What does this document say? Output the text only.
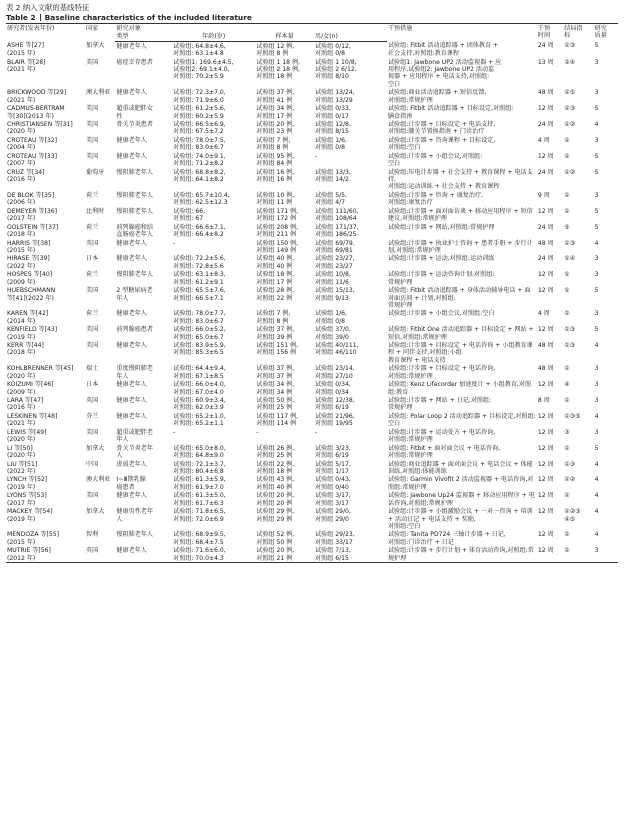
表 2 纳入文献的基线特征
Table 2 Baseline characteristics of the included literature
研究者(发表年份)	国家	研究对象				干预措施	干预
时间	结局指
标	研究
质量
		类型	年龄(岁)	样本量	男/女(n)				
ASHE 等[27]
(2015 年)	加拿大	健康老年人	试验组: 64.8±4.6,
对照组: 63.1±4.8	试验组 12 例,
对照组 8 例	试验组 0/12,
对照组 0/8	试验组: Fitbit 活动追踪器 + 团体教育 +
社会支持,对照组:教育课程	24 周	①③	5
BLAIR 等[28]
(2021 年)	美国	癌症幸存患者	试验组1: 169.6±4.5,
试验组2: 69.1±4.0,
对照组: 70.2±5.9	试验组 1 18 例,
试验组 2 18 例,
对照组 18 例	试验组 1 10/8,
试验组 2 6/12,
对照组 8/10	试验组1: Jawbone UP2 活动监视器 + 应
用程序,试验组2: Jawbone UP2 活动监
视器 + 应用程序 + 电话支持,对照组:
空白	13 周	②④	3
BRICKWOOD 等[29]
(2021 年)	澳大利亚	健康老年人	试验组: 72.3±7.0,
对照组: 71.9±6.0	试验组 37 例,
对照组 41 例	试验组 13/24,
对照组 13/29	试验组:商业活动追踪器 + 短信反馈,
对照组:常规护理	48 周	①⑤	3
CADMUS-BERTRAM
等[30](2013 年)	美国	超重或肥胖女
性	试验组: 61.2±5.6,
对照组: 60.2±5.9	试验组 34 例,
对照组 17 例	试验组 0/33,
对照组 0/17	试验组: Fitbit 活动追踪器 + 目标设定,对照组:
膳食指南	12 周	①③	5
CHRISTIANSEN 等[31]
(2020 年)	美国	骨关节炎患者	试验组: 66.5±6.9,
对照组: 67.5±7.2	试验组 20 例,
对照组 23 例	试验组 12/8,
对照组 8/15	试验组:计步器 + 目标设定 + 电话支持,
对照组:膝关节置换指南 + 门诊治疗	24 周	①②	4
CROTEAU 等[32]
(2004 年)	美国	健康老年人	试验组: 78.0±7.5,
对照组: 83.0±6.7	试验组 7 例,
对照组 8 例	试验组 1/6,
对照组 0/8	试验组:计步器 + 咨询课程 + 目标设定,
对照组:空白	4 周	①	3
CROTEAU 等[33]
(2007 年)	美国	健康老年人	试验组: 74.0±9.1,
对照组: 71.2±8.2	试验组 95 例,
对照组 84 例	-	试验组:计步器 + 小组会议,对照组:
空白	12 周	①	5
CRUZ 等[34]
(2016 年)	葡萄牙	慢阻肺老年人	试验组: 68.8±8.2,
对照组: 64.1±8.2	试验组 16 例,
对照组 16 例	试验组 13/3,
对照组 14/2	试验组:压电计步器 + 社会支持 + 教育课程 + 电话支持,
对照组:运动训练 + 社会支持 + 教育课程	24 周	①②	5
DE BLOK 等[35]
(2006 年)	荷兰	慢阻肺老年人	试验组: 65.7±10.4,
对照组: 62.5±12.3	试验组 10 例,
对照组 11 例	试验组 5/5,
对照组 4/7	试验组:计步器 + 咨询 + 康复治疗,
对照组:康复治疗	9 周	①	3
DEMEYER 等[36]
(2017 年)	比利时	慢阻肺老年人	试验组: 66,
对照组: 67	试验组 171 例,
对照组 172 例	试验组 111/60,
对照组 108/64	试验组:计步器 + 面对面访谈 + 移动应用程序 + 短信建议,对照组:常规护理	12 周	①	5
GOLSTEIN 等[37]
(2018 年)	荷兰	前列腺癌和结
直肠癌老年人	试验组: 66.6±7.1,
对照组: 66.4±8.2	试验组 208 例,
对照组 211 例	试验组 171/37,
对照组 186/25	试验组:计步器 + 网站,对照组:常规护理	24 周	⑤	5
HARRIS 等[38]
(2015 年)	英国	健康老年人	-	试验组 150 例,
对照组 149 例	试验组 69/79,
对照组 69/81	试验组:计步器 + 执业护士咨询 + 患者手册 + 步行计划,对照组:常规护理	48 周	①③	4
HIRASE 等[39]
(2022 年)	日本	健康老年人	试验组: 72.2±5.6,
对照组: 72.8±5.6	试验组 40 例,
对照组 40 例	试验组 23/27,
对照组 23/27	试验组:计步器 + 运动,对照组:运动训练	24 周	①④	3
HOSPES 等[40]
(2009 年)	荷兰	慢阻肺老年人	试验组: 63.1±8.3,
对照组: 61.2±9.1	试验组 18 例,
对照组 17 例	试验组 10/8,
对照组 11/6	试验组:计步器 + 运动咨询计划,对照组:
常规护理	12 周	①	3
HUEBSCHMANN
等[41](2022 年)	美国	2 型糖尿病老
年人	试验组: 65.5±7.6,
对照组: 66.5±7.1	试验组 28 例,
对照组 22 例	试验组 15/13,
对照组 9/13	试验组: Fitbit 活动追踪器 + 身体活动辅导电话 + 面对面访问 + 计划,对照组:
常规护理	12 周	①	5
KAREN 等[42]
(2014 年)	荷兰	健康老年人	试验组: 78.0±7.7,
对照组: 83.0±6.7	试验组 7 例,
对照组 8 例	试验组 1/6,
对照组 0/8	试验组:计步器 + 小组会议,对照组:空白	4 周	①	3
KENFIELD 等[43]
(2019 年)	美国	前列腺癌患者	试验组: 66.0±5.2,
对照组: 65.0±6.7	试验组 37 例,
对照组 39 例	试验组 37/0,
对照组 39/0	试验组: Fitbit One 活动追踪器 + 目标设定 + 网站 + 短信,对照组:常规护理	12 周	①③	5
KERR 等[44]
(2018 年)	美国	健康老年人	试验组: 83.9±5.9,
对照组: 85.3±6.5	试验组 151 例,
对照组 156 例	试验组 40/111,
对照组 46/110	试验组:计步器 + 目标设定 + 电话咨询 + 小组教育课程 + 同伴支持,对照组:小组
教育课程 + 电话支持	48 周	①③	4
KOHLBRENNER 等[45]
(2020 年)	瑞士	重度慢阻肺老
年人	试验组: 64.4±9.4,
对照组: 67.1±8.5	试验组 37 例,
对照组 37 例	试验组 23/14,
对照组 27/10	试验组:计步器 + 目标设定 + 电话咨询,
对照组:常规护理	48 周	①	3
KOIZUMI 等[46]
(2009 年)	日本	健康老年人	试验组: 66.0±4.0,
对照组: 67.0±4.0	试验组 34 例,
对照组 34 例	试验组 0/34,
对照组 0/34	试验组: Kenz Lifecorder 加速度计 + 小组教育,对照组:教育	12 周	④	3
LARA 等[47]
(2016 年)	英国	健康老年人	试验组: 60.9±3.4,
对照组: 62.0±3.9	试验组 50 例,
对照组 25 例	试验组 12/38,
对照组 6/19	试验组:计步器 + 网站 + 日记,对照组:
常规护理	8 周	①	3
LESKINEN 等[48]
(2021 年)	芬兰	健康老年人	试验组: 65.2±1.0,
对照组: 65.2±1.1	试验组 117 例,
对照组 114 例	试验组 21/96,
对照组 19/95	试验组: Polar Loop 2 活动追踪器 + 目标设定,对照组:空白	12 周	①③⑤	4
LEWIS 等[49]
(2020 年)	美国	超重或肥胖老
年人	-	-	-	试验组:计步器 + 运动处方 + 电话咨询,
对照组:常规护理	12 周	③	3
LI 等[50]
(2020 年)	加拿大	骨关节炎老年
人	试验组: 65.0±8.0,
对照组: 64.8±9.0	试验组 26 例,
对照组 25 例	试验组 3/23,
对照组 6/19	试验组: Fitbit + 面对面会议 + 电话咨询,
对照组:常规护理	12 周	①	5
LIU 等[51]
(2022 年)	中国	虚弱老年人	试验组: 72.1±3.7,
对照组: 80.4±6.8	试验组 22 例,
对照组 18 例	试验组 5/17,
对照组 1/17	试验组:商业追踪器 + 面对面会议 + 电话会议 + 体能训练,对照组:体能训练	12 周	①③	4
LYNCH 等[52]
(2019 年)	澳大利亚	Ⅰ~Ⅲ期乳腺
癌患者	试验组: 61.3±5.9,
对照组: 61.9±7.0	试验组 43 例,
对照组 40 例	试验组 0/43,
对照组 0/40	试验组: Garmin Vivofit 2 活动监视器 + 电话咨询,对照组:常规护理	12 周	①②	4
LYONS 等[53]
(2017 年)	美国	健康老年人	试验组: 61.3±5.0,
对照组: 61.7±6.3	试验组 20 例,
对照组 20 例	试验组 3/17,
对照组 3/17	试验组: Jawbone Up24 监视器 + 移动应用程序 + 电话咨询,对照组:常规护理	12 周	①	4
MACKEY 等[54]
(2019 年)	加拿大	健康男性老年
人	试验组: 71.8±6.5,
对照组: 72.0±6.9	试验组 29 例,
对照组 29 例	试验组 29/0,
对照组 29/0	试验组:计步器 + 小组激励会议 + 一对一咨询 + 培训 + 活动日记 + 电话支持 + 奖励,
对照组:空白	12 周	①②③
④⑤	4
MENDOZA 等[55]
(2015 年)	智利	慢阻肺老年人	试验组: 68.9±9.5,
对照组: 68.4±7.5	试验组 52 例,
对照组 50 例	试验组 29/23,
对照组 33/17	试验组: Tanita PD724 三轴计步器 + 日记,
对照组:门诊治疗 + 日记	12 周	①	4
MUTRIE 等[56]
(2012 年)	英国	健康老年人	试验组: 71.6±6.0,
对照组: 70.0±4.3	试验组 20 例,
对照组 21 例	试验组 7/13,
对照组 6/15	试验组:计步器 + 步行计划 + 体育活动咨询,对照组:常规护理	12 周	①	3
